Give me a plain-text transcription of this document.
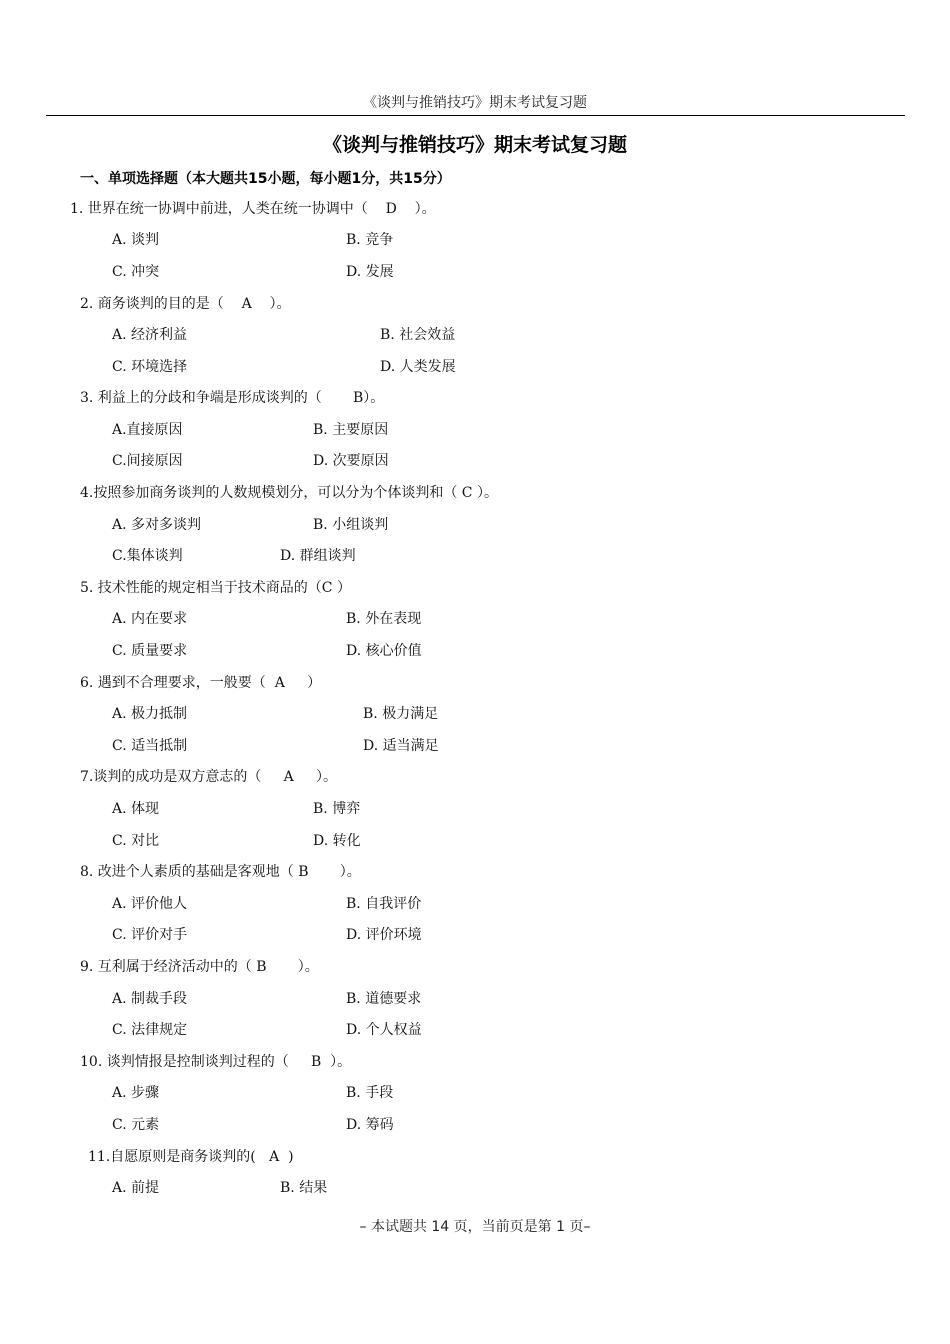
《谈判与推销技巧》期末考试复习题
《谈判与推销技巧》期末考试复习题
一、单项选择题（本大题共15小题，每小题1分，共15分）
1. 世界在统一协调中前进，人类在统一协调中（    D    ）。
A. 谈判	B. 竞争
C. 冲突	D. 发展
2. 商务谈判的目的是（    A    ）。
A. 经济利益	B. 社会效益
C. 环境选择	D. 人类发展
3. 利益上的分歧和争端是形成谈判的（       B）。
A.直接原因	B. 主要原因
C.间接原因	D. 次要原因
4.按照参加商务谈判的人数规模划分，可以分为个体谈判和（ C ）。
A. 多对多谈判	B. 小组谈判
C.集体谈判	D. 群组谈判
5. 技术性能的规定相当于技术商品的（C ）
A. 内在要求	B. 外在表现
C. 质量要求	D. 核心价值
6. 遇到不合理要求，一般要（  A     ）
A. 极力抵制	B. 极力满足
C. 适当抵制	D. 适当满足
7.谈判的成功是双方意志的（     A     ）。
A. 体现	B. 博弈
C. 对比	D. 转化
8. 改进个人素质的基础是客观地（ B       ）。
A. 评价他人	B. 自我评价
C. 评价对手	D. 评价环境
9. 互利属于经济活动中的（ B       ）。
A. 制裁手段	B. 道德要求
C. 法律规定	D. 个人权益
10. 谈判情报是控制谈判过程的（     B  ）。
A. 步骤	B. 手段
C. 元素	D. 筹码
11.自愿原则是商务谈判的(   A  )
A. 前提	B. 结果
– 本试题共 14 页，当前页是第 1 页–
